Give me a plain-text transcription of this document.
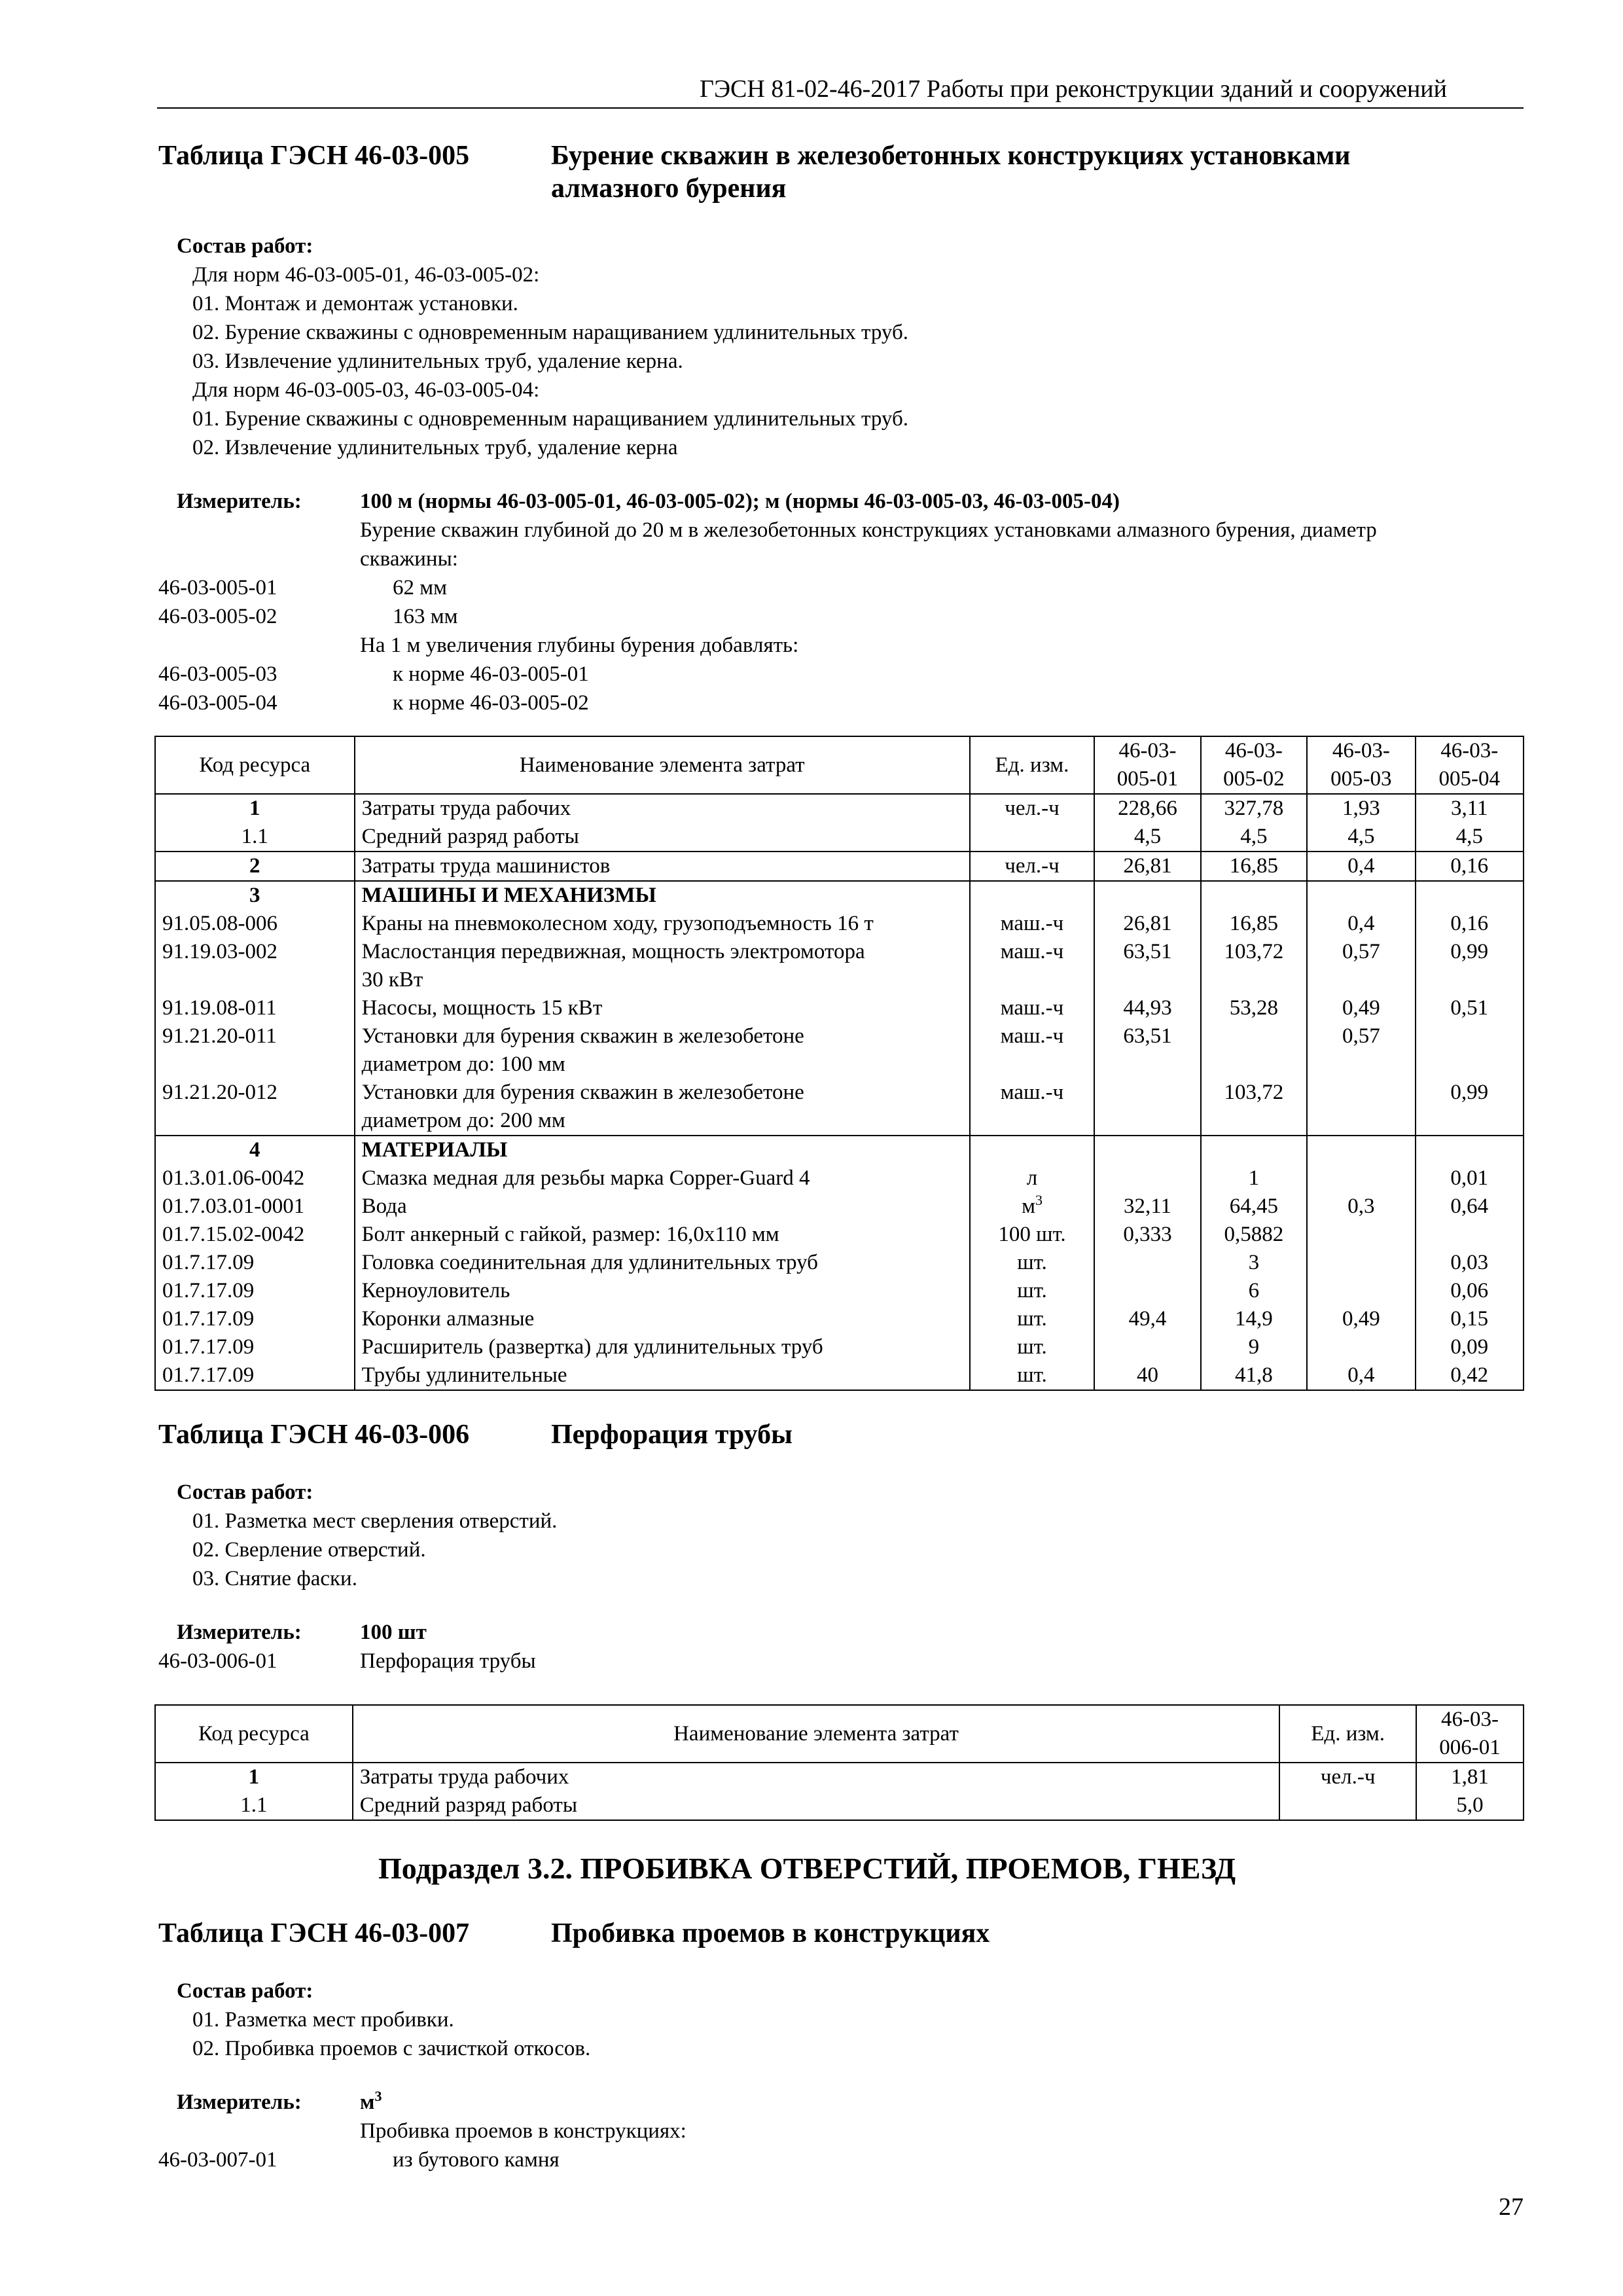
ГЭСН 81-02-46-2017 Работы при реконструкции зданий и сооружений
Таблица ГЭСН 46-03-005	Бурение скважин в железобетонных конструкциях установками
алмазного бурения
Состав работ:
Для норм 46-03-005-01, 46-03-005-02:
01. Монтаж и демонтаж установки.
02. Бурение скважины с одновременным наращиванием удлинительных труб.
03. Извлечение удлинительных труб, удаление керна.
Для норм 46-03-005-03, 46-03-005-04:
01. Бурение скважины с одновременным наращиванием удлинительных труб.
02. Извлечение удлинительных труб, удаление керна
Измеритель:	100 м (нормы 46-03-005-01, 46-03-005-02); м (нормы 46-03-005-03, 46-03-005-04)
Бурение скважин глубиной до 20 м в железобетонных конструкциях установками алмазного бурения, диаметр
скважины:
46-03-005-01	62 мм
46-03-005-02	163 мм
На 1 м увеличения глубины бурения добавлять:
46-03-005-03	к норме 46-03-005-01
46-03-005-04	к норме 46-03-005-02
Код ресурса	Наименование элемента затрат	Ед. изм.	46-03-
005-01	46-03-
005-02	46-03-
005-03	46-03-
005-04
1	Затраты труда рабочих	чел.-ч	228,66	327,78	1,93	3,11
1.1	Средний разряд работы		4,5	4,5	4,5	4,5
2	Затраты труда машинистов	чел.-ч	26,81	16,85	0,4	0,16
3	МАШИНЫ И МЕХАНИЗМЫ					
91.05.08-006	Краны на пневмоколесном ходу, грузоподъемность 16 т	маш.-ч	26,81	16,85	0,4	0,16
91.19.03-002	Маслостанция передвижная, мощность электромотора
30 кВт	маш.-ч	63,51	103,72	0,57	0,99
91.19.08-011	Насосы, мощность 15 кВт	маш.-ч	44,93	53,28	0,49	0,51
91.21.20-011	Установки для бурения скважин в железобетоне
диаметром до: 100 мм	маш.-ч	63,51		0,57	
91.21.20-012	Установки для бурения скважин в железобетоне
диаметром до: 200 мм	маш.-ч		103,72		0,99
4	МАТЕРИАЛЫ					
01.3.01.06-0042	Смазка медная для резьбы марка Copper-Guard 4	л		1		0,01
01.7.03.01-0001	Вода	$м^3$	32,11	64,45	0,3	0,64
01.7.15.02-0042	Болт анкерный с гайкой, размер: 16,0х110 мм	100 шт.	0,333	0,5882		
01.7.17.09	Головка соединительная для удлинительных труб	шт.		3		0,03
01.7.17.09	Керноуловитель	шт.		6		0,06
01.7.17.09	Коронки алмазные	шт.	49,4	14,9	0,49	0,15
01.7.17.09	Расширитель (развертка) для удлинительных труб	шт.		9		0,09
01.7.17.09	Трубы удлинительные	шт.	40	41,8	0,4	0,42
Таблица ГЭСН 46-03-006	Перфорация трубы
Состав работ:
01. Разметка мест сверления отверстий.
02. Сверление отверстий.
03. Снятие фаски.
Измеритель:	100 шт
46-03-006-01	Перфорация трубы
Код ресурса	Наименование элемента затрат	Ед. изм.	46-03-
006-01
1	Затраты труда рабочих	чел.-ч	1,81
1.1	Средний разряд работы		5,0
Подраздел 3.2. ПРОБИВКА ОТВЕРСТИЙ, ПРОЕМОВ, ГНЕЗД
Таблица ГЭСН 46-03-007	Пробивка проемов в конструкциях
Состав работ:
01. Разметка мест пробивки.
02. Пробивка проемов с зачисткой откосов.
Измеритель:	$м^3$
Пробивка проемов в конструкциях:
46-03-007-01	из бутового камня
27
